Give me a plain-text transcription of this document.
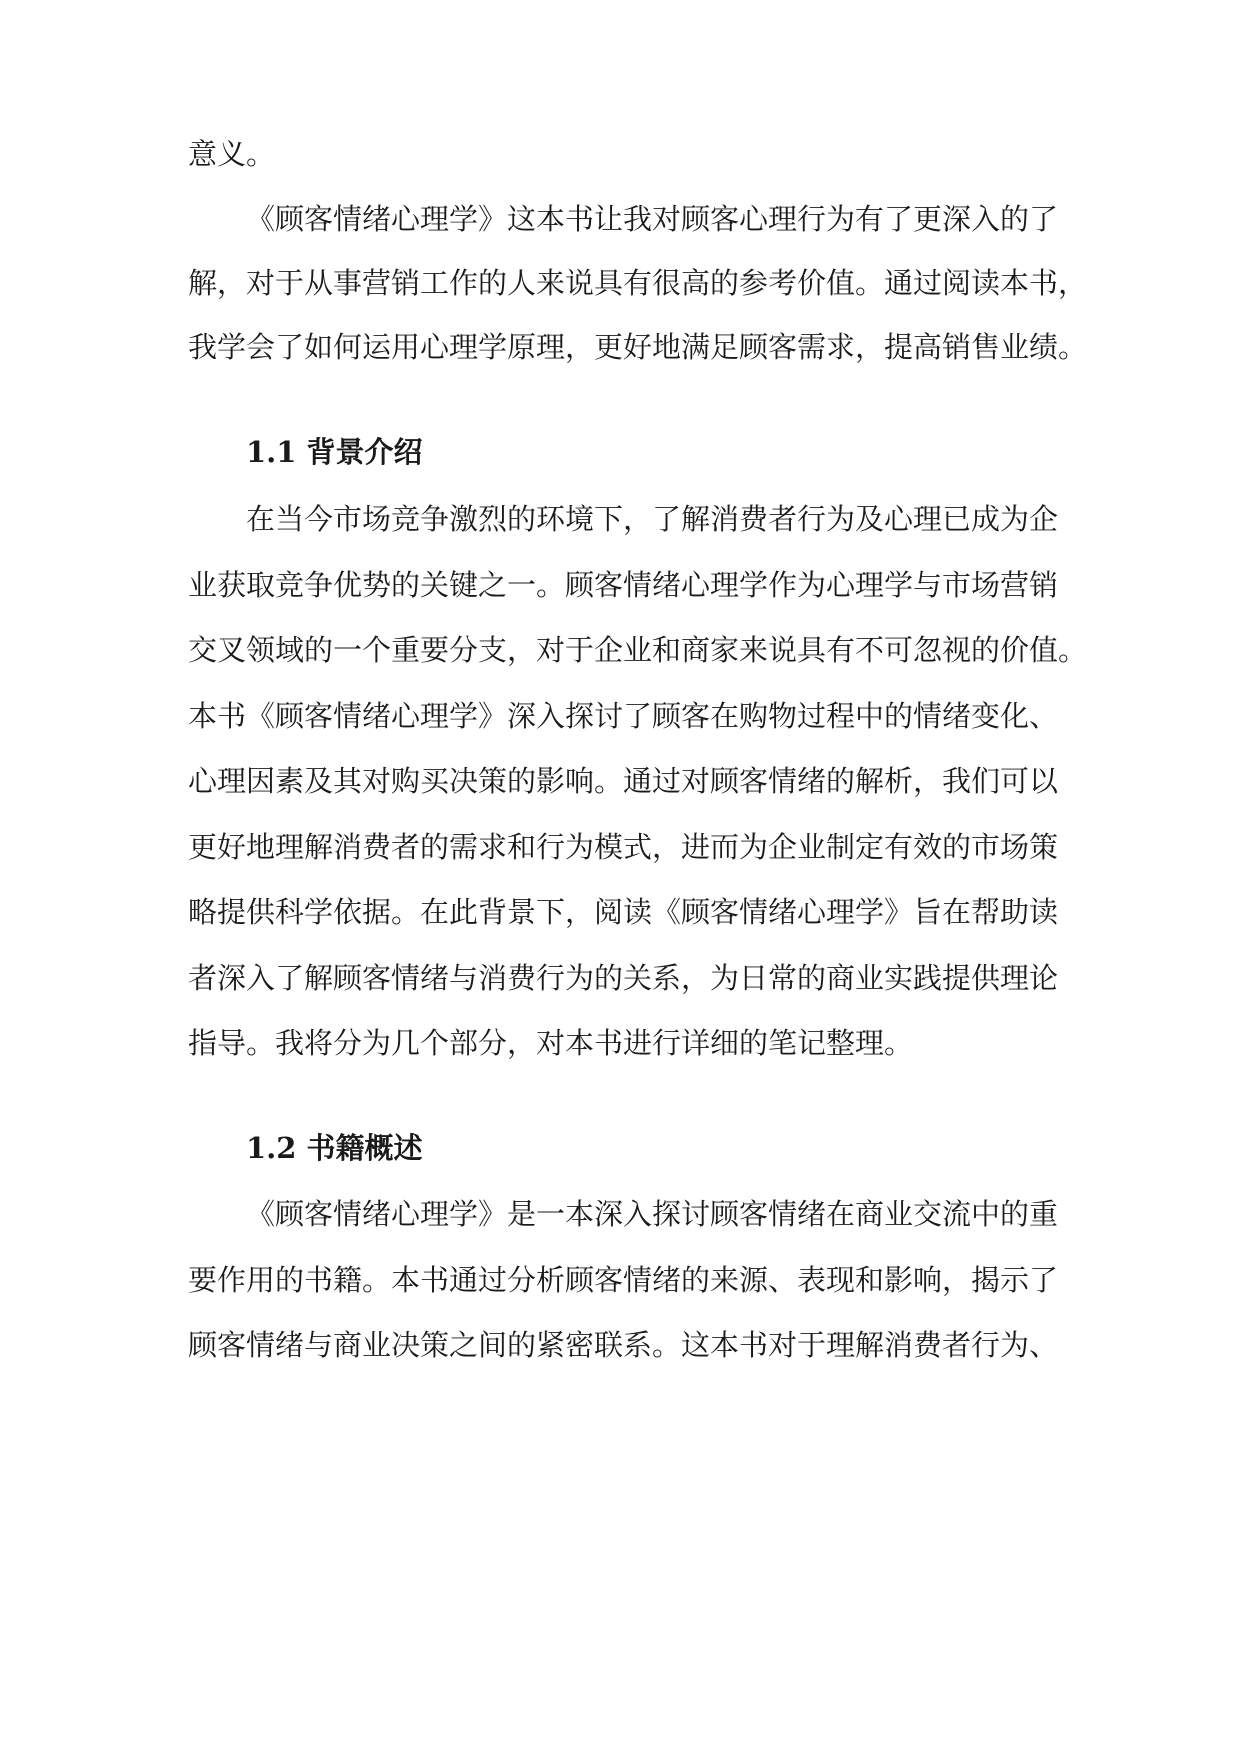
意义。
《顾客情绪心理学》这本书让我对顾客心理行为有了更深入的了
解，对于从事营销工作的人来说具有很高的参考价值。通过阅读本书，
我学会了如何运用心理学原理，更好地满足顾客需求，提高销售业绩。
1.1 背景介绍
在当今市场竞争激烈的环境下，了解消费者行为及心理已成为企
业获取竞争优势的关键之一。顾客情绪心理学作为心理学与市场营销
交叉领域的一个重要分支，对于企业和商家来说具有不可忽视的价值。
本书《顾客情绪心理学》深入探讨了顾客在购物过程中的情绪变化、
心理因素及其对购买决策的影响。通过对顾客情绪的解析，我们可以
更好地理解消费者的需求和行为模式，进而为企业制定有效的市场策
略提供科学依据。在此背景下，阅读《顾客情绪心理学》旨在帮助读
者深入了解顾客情绪与消费行为的关系，为日常的商业实践提供理论
指导。我将分为几个部分，对本书进行详细的笔记整理。
1.2 书籍概述
《顾客情绪心理学》是一本深入探讨顾客情绪在商业交流中的重
要作用的书籍。本书通过分析顾客情绪的来源、表现和影响，揭示了
顾客情绪与商业决策之间的紧密联系。这本书对于理解消费者行为、
